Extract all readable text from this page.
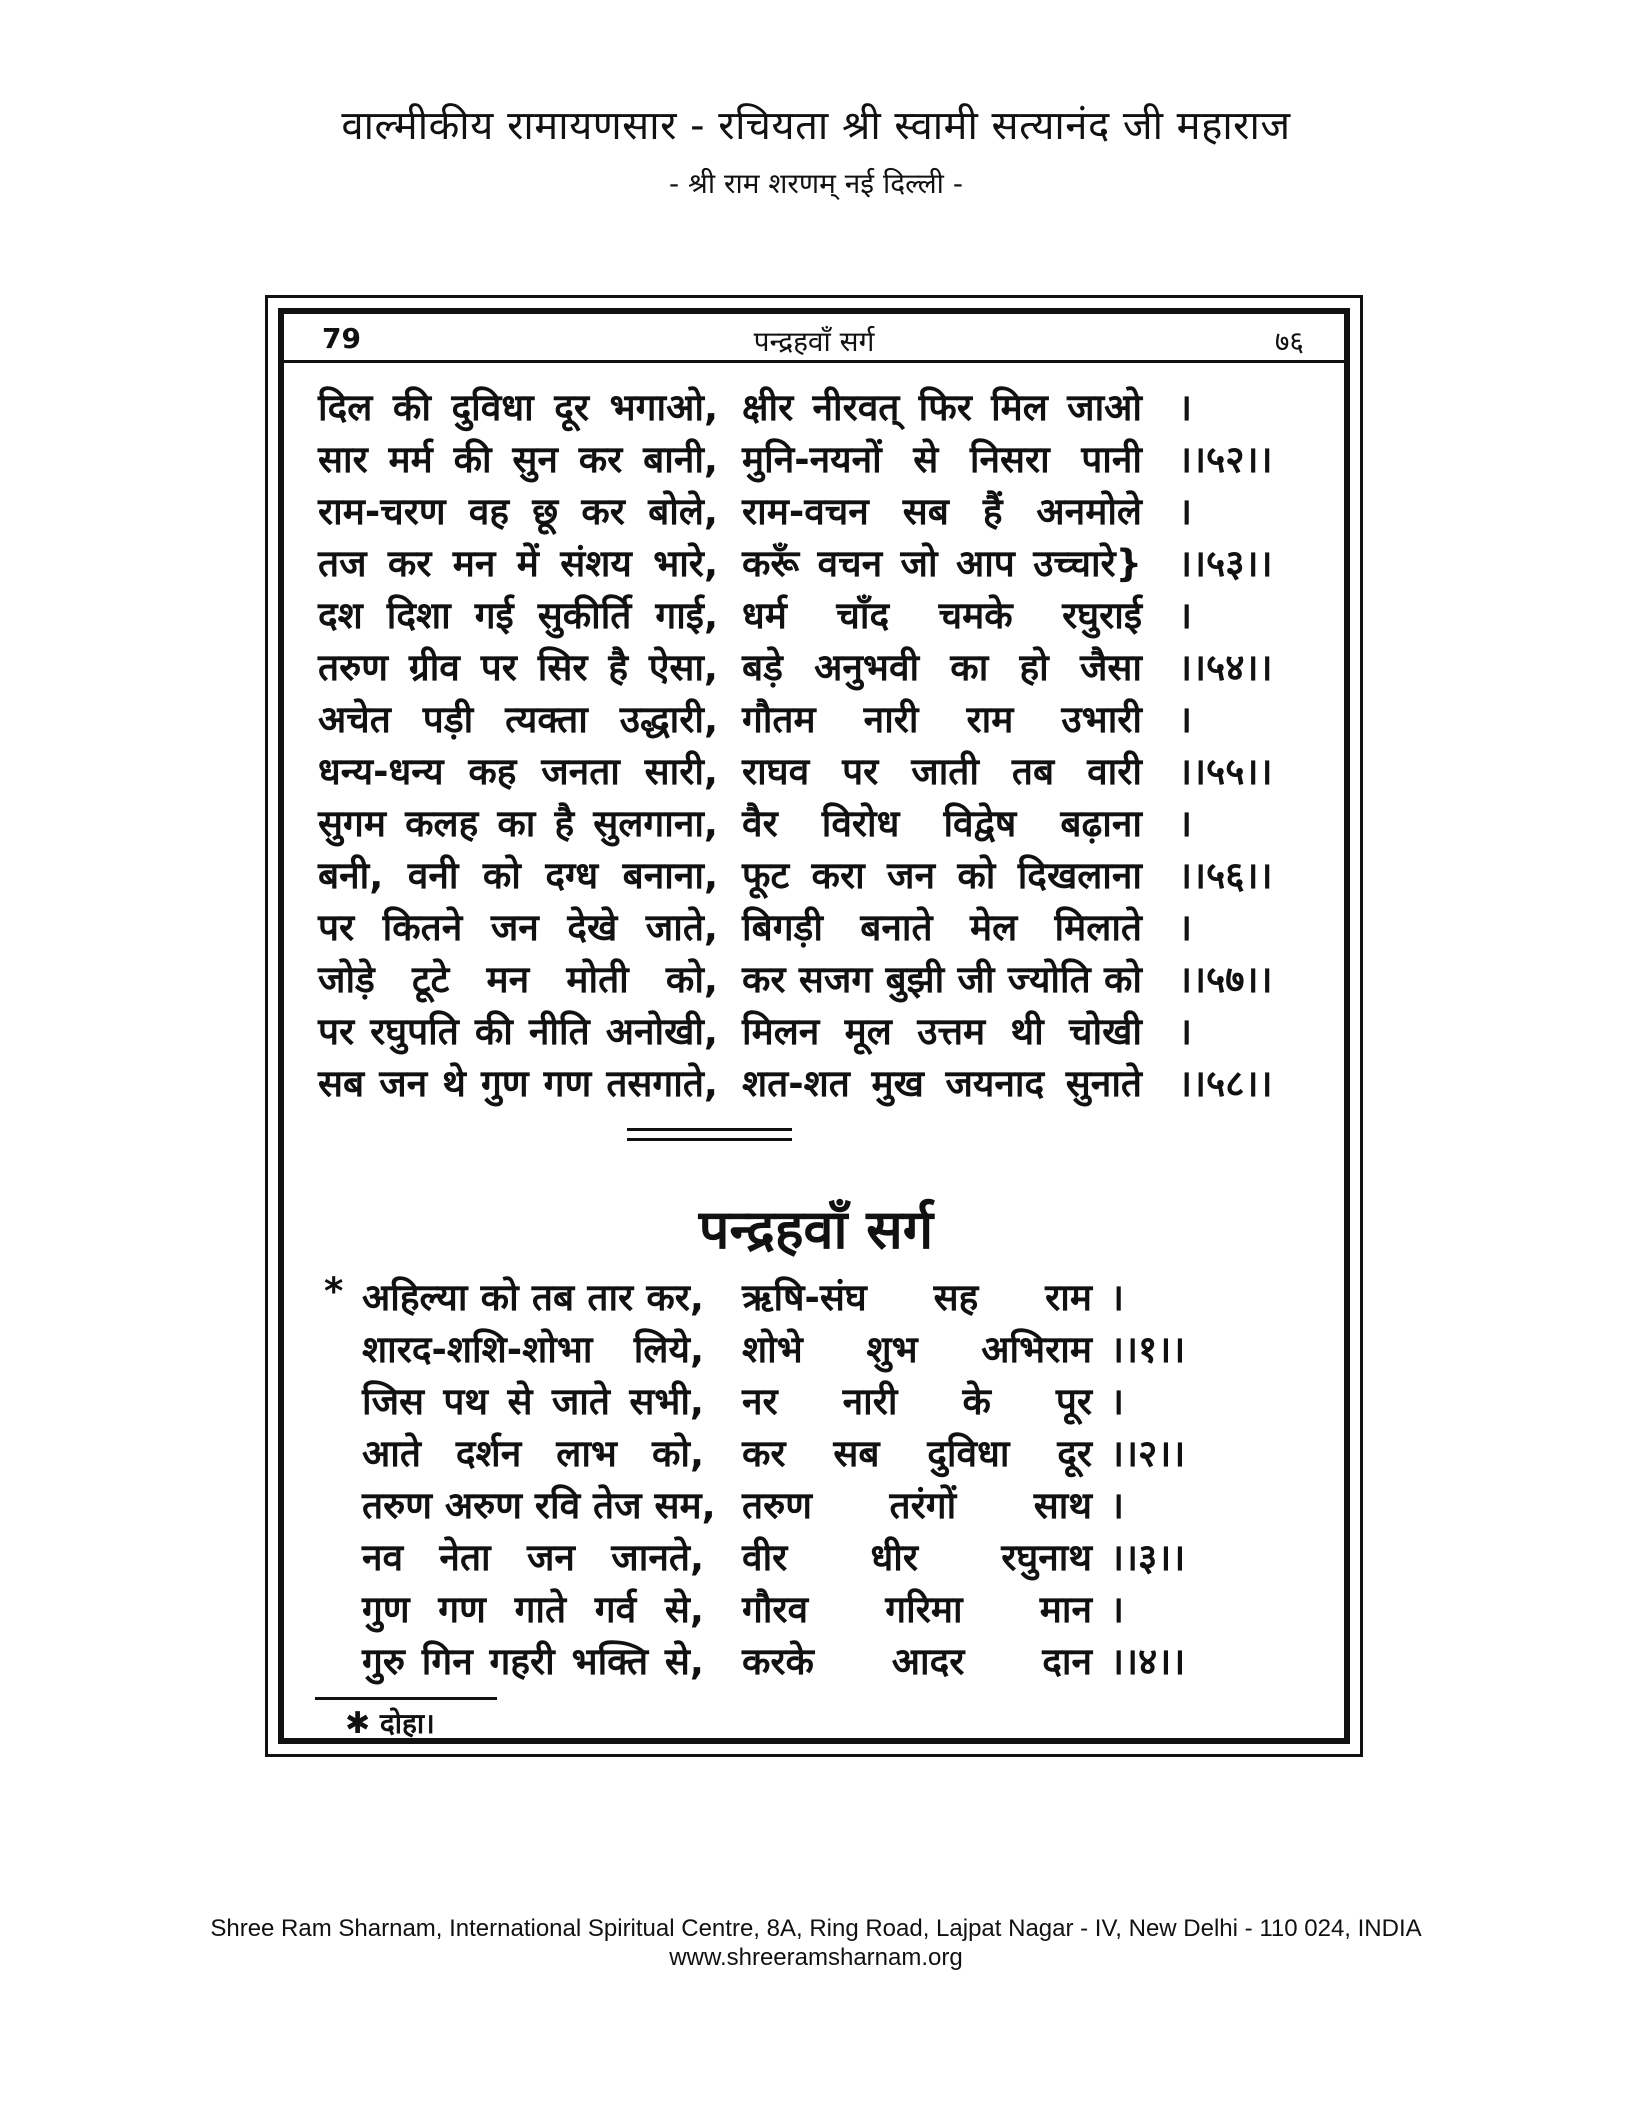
वाल्मीकीय रामायणसार - रचियता श्री स्वामी सत्यानंद जी महाराज
- श्री राम शरणम् नई दिल्ली -
79	पन्द्रहवाँ सर्ग	७६
दिल की दुविधा दूर भगाओ, क्षीर नीरवत् फिर मिल जाओ ।
सार मर्म की सुन कर बानी, मुनि-नयनों से निसरा पानी ।।५२।।
राम-चरण वह छू कर बोले, राम-वचन सब हैं अनमोले ।
तज कर मन में संशय भारे, करूँ वचन जो आप उच्चारे} ।।५३।।
दश दिशा गई सुकीर्ति गाई, धर्म चाँद चमके रघुराई ।
तरुण ग्रीव पर सिर है ऐसा, बड़े अनुभवी का हो जैसा ।।५४।।
अचेत पड़ी त्यक्ता उद्धारी, गौतम नारी राम उभारी ।
धन्य-धन्य कह जनता सारी, राघव पर जाती तब वारी ।।५५।।
सुगम कलह का है सुलगाना, वैर विरोध विद्वेष बढ़ाना ।
बनी, वनी को दग्ध बनाना, फूट करा जन को दिखलाना ।।५६।।
पर कितने जन देखे जाते, बिगड़ी बनाते मेल मिलाते ।
जोड़े टूटे मन मोती को, कर सजग बुझी जी ज्योति को ।।५७।।
पर रघुपति की नीति अनोखी, मिलन मूल उत्तम थी चोखी ।
सब जन थे गुण गण तसगाते, शत-शत मुख जयनाद सुनाते ।।५८।।
पन्द्रहवाँ सर्ग
* अहिल्या को तब तार कर, ऋषि-संघ सह राम ।
शारद-शशि-शोभा लिये, शोभे शुभ अभिराम ।।१।।
जिस पथ से जाते सभी, नर नारी के पूर ।
आते दर्शन लाभ को, कर सब दुविधा दूर ।।२।।
तरुण अरुण रवि तेज सम, तरुण तरंगों साथ ।
नव नेता जन जानते, वीर धीर रघुनाथ ।।३।।
गुण गण गाते गर्व से, गौरव गरिमा मान ।
गुरु गिन गहरी भक्ति से, करके आदर दान ।।४।।
✱ दोहा।
Shree Ram Sharnam, International Spiritual Centre, 8A, Ring Road, Lajpat Nagar - IV, New Delhi - 110 024, INDIA
www.shreeramsharnam.org
